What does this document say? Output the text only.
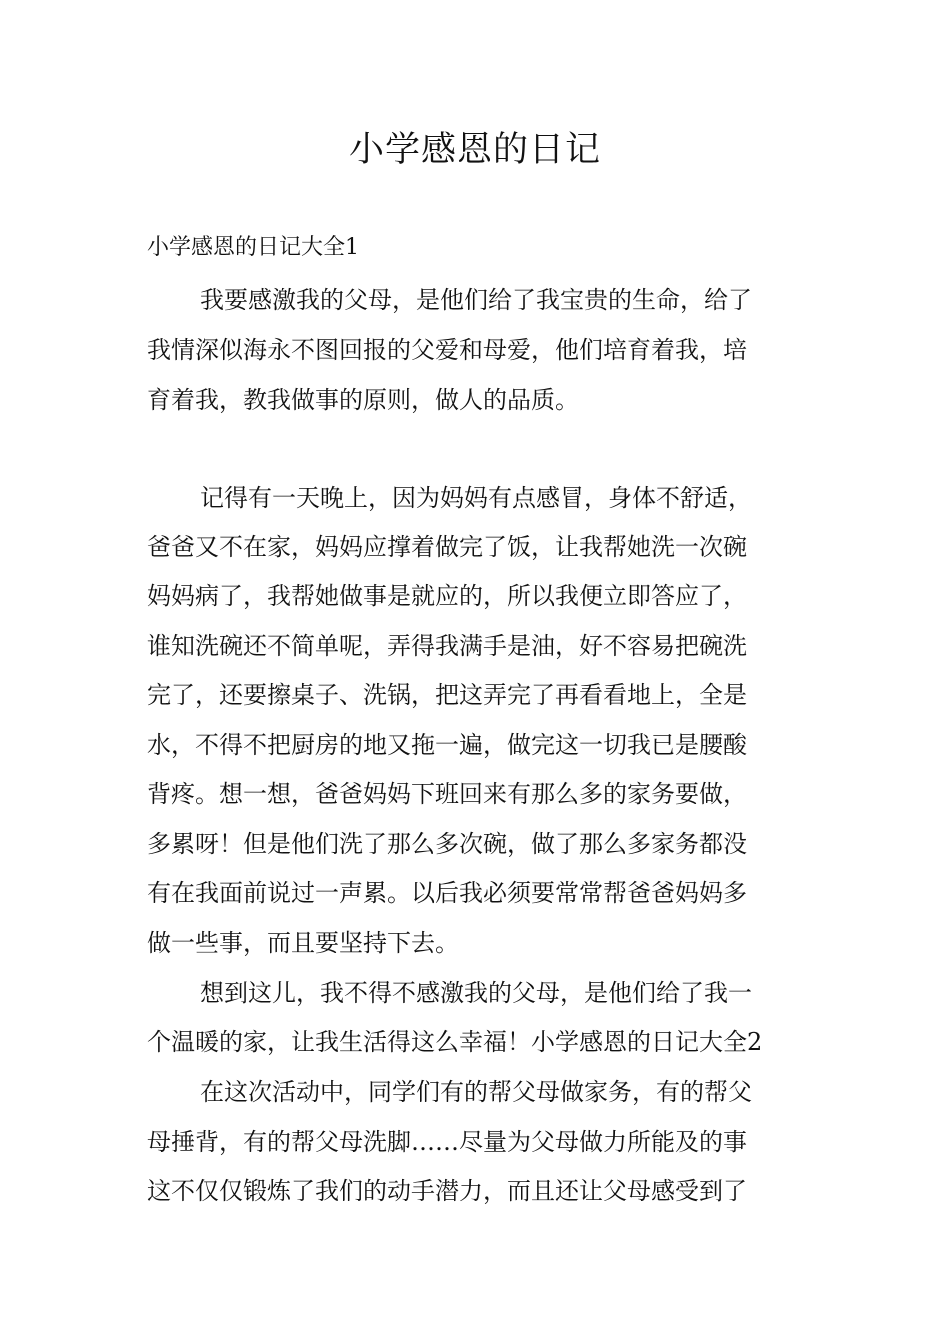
小学感恩的日记

小学感恩的日记大全1

我要感激我的父母，是他们给了我宝贵的生命，给了

我情深似海永不图回报的父爱和母爱，他们培育着我，培

育着我，教我做事的原则，做人的品质。

记得有一天晚上，因为妈妈有点感冒，身体不舒适，

爸爸又不在家，妈妈应撑着做完了饭，让我帮她洗一次碗

妈妈病了，我帮她做事是就应的，所以我便立即答应了，

谁知洗碗还不简单呢，弄得我满手是油，好不容易把碗洗

完了，还要擦桌子、洗锅，把这弄完了再看看地上，全是

水，不得不把厨房的地又拖一遍，做完这一切我已是腰酸

背疼。想一想，爸爸妈妈下班回来有那么多的家务要做，

多累呀！但是他们洗了那么多次碗，做了那么多家务都没

有在我面前说过一声累。以后我必须要常常帮爸爸妈妈多

做一些事，而且要坚持下去。

想到这儿，我不得不感激我的父母，是他们给了我一

个温暖的家，让我生活得这么幸福！小学感恩的日记大全2

在这次活动中，同学们有的帮父母做家务，有的帮父

母捶背，有的帮父母洗脚……尽量为父母做力所能及的事

这不仅仅锻炼了我们的动手潜力，而且还让父母感受到了
